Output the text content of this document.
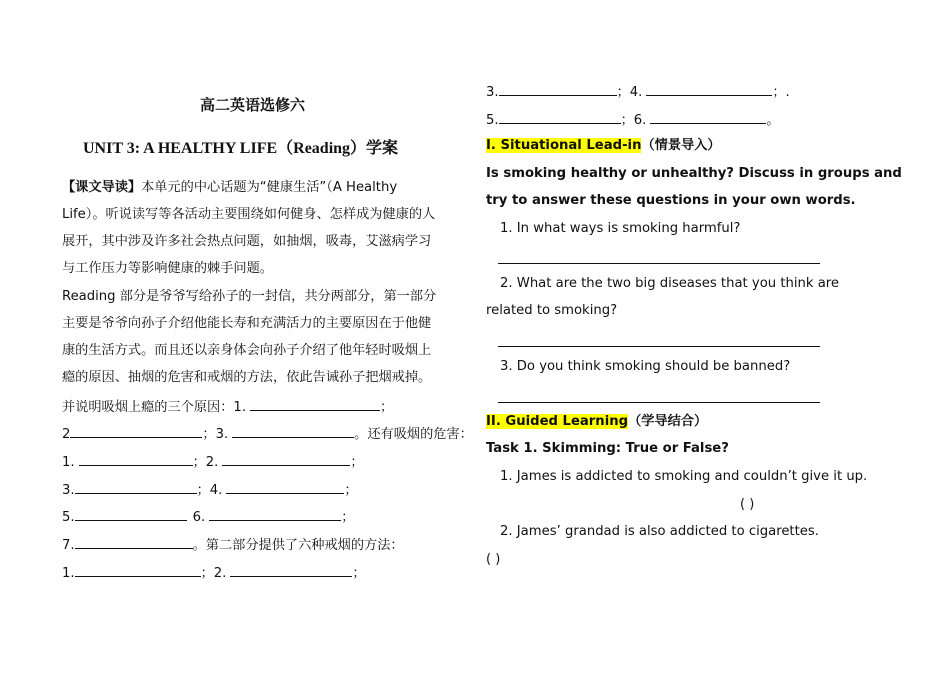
高二英语选修六
UNIT 3: A HEALTHY LIFE（Reading）学案
【课文导读】本单元的中心话题为“健康生活”（A Healthy
Life）。听说读写等各活动主要围绕如何健身、怎样成为健康的人
展开，其中涉及许多社会热点问题，如抽烟，吸毒，艾滋病学习
与工作压力等影响健康的棘手问题。
Reading 部分是爷爷写给孙子的一封信，共分两部分，第一部分
主要是爷爷向孙子介绍他能长寿和充满活力的主要原因在于他健
康的生活方式。而且还以亲身体会向孙子介绍了他年轻时吸烟上
瘾的原因、抽烟的危害和戒烟的方法，依此告诫孙子把烟戒掉。
并说明吸烟上瘾的三个原因：1.	；
2	；3.	。还有吸烟的危害：
1.	；2.	；
3.	；4.	；
5.	6.	；
7.	。第二部分提供了六种戒烟的方法：
1.	；2.	；
3.	；4.	；.
5.	；6.	。
I. Situational Lead-in（情景导入）
Is smoking healthy or unhealthy? Discuss in groups and
try to answer these questions in your own words.
1. In what ways is smoking harmful?
2. What are the two big diseases that you think are
related to smoking?
3. Do you think smoking should be banned?
II. Guided Learning（学导结合）
Task 1. Skimming: True or False?
1. James is addicted to smoking and couldn’t give it up.
( )
2. James’ grandad is also addicted to cigarettes.
( )
